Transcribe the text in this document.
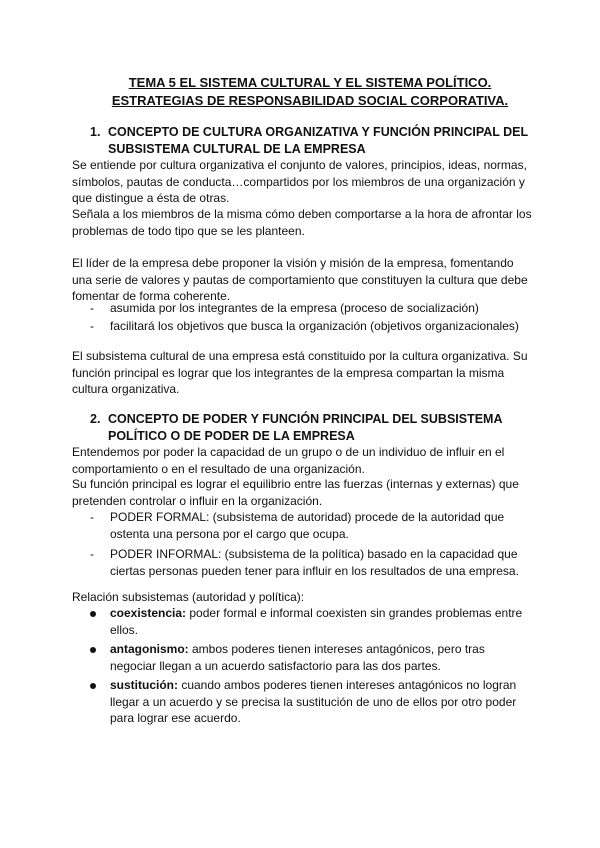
TEMA 5 EL SISTEMA CULTURAL Y EL SISTEMA POLÍTICO.

ESTRATEGIAS DE RESPONSABILIDAD SOCIAL CORPORATIVA.

1. CONCEPTO DE CULTURA ORGANIZATIVA Y FUNCIÓN PRINCIPAL DEL SUBSISTEMA CULTURAL DE LA EMPRESA

Se entiende por cultura organizativa el conjunto de valores, principios, ideas, normas, símbolos, pautas de conducta…compartidos por los miembros de una organización y que distingue a ésta de otras.

Señala a los miembros de la misma cómo deben comportarse a la hora de afrontar los problemas de todo tipo que se les planteen.

El líder de la empresa debe proponer la visión y misión de la empresa, fomentando una serie de valores y pautas de comportamiento que constituyen la cultura que debe fomentar de forma coherente.

- asumida por los integrantes de la empresa (proceso de socialización)
- facilitará los objetivos que busca la organización (objetivos organizacionales)

El subsistema cultural de una empresa está constituido por la cultura organizativa. Su función principal es lograr que los integrantes de la empresa compartan la misma cultura organizativa.

2. CONCEPTO DE PODER Y FUNCIÓN PRINCIPAL DEL SUBSISTEMA POLÍTICO O DE PODER DE LA EMPRESA

Entendemos por poder la capacidad de un grupo o de un individuo de influir en el comportamiento o en el resultado de una organización.

Su función principal es lograr el equilibrio entre las fuerzas (internas y externas) que pretenden controlar o influir en la organización.

- PODER FORMAL: (subsistema de autoridad) procede de la autoridad que ostenta una persona por el cargo que ocupa.
- PODER INFORMAL: (subsistema de la política) basado en la capacidad que ciertas personas pueden tener para influir en los resultados de una empresa.

Relación subsistemas (autoridad y política):

coexistencia: poder formal e informal coexisten sin grandes problemas entre ellos.
antagonismo: ambos poderes tienen intereses antagónicos, pero tras negociar llegan a un acuerdo satisfactorio para las dos partes.
sustitución: cuando ambos poderes tienen intereses antagónicos no logran llegar a un acuerdo y se precisa la sustitución de uno de ellos por otro poder para lograr ese acuerdo.
